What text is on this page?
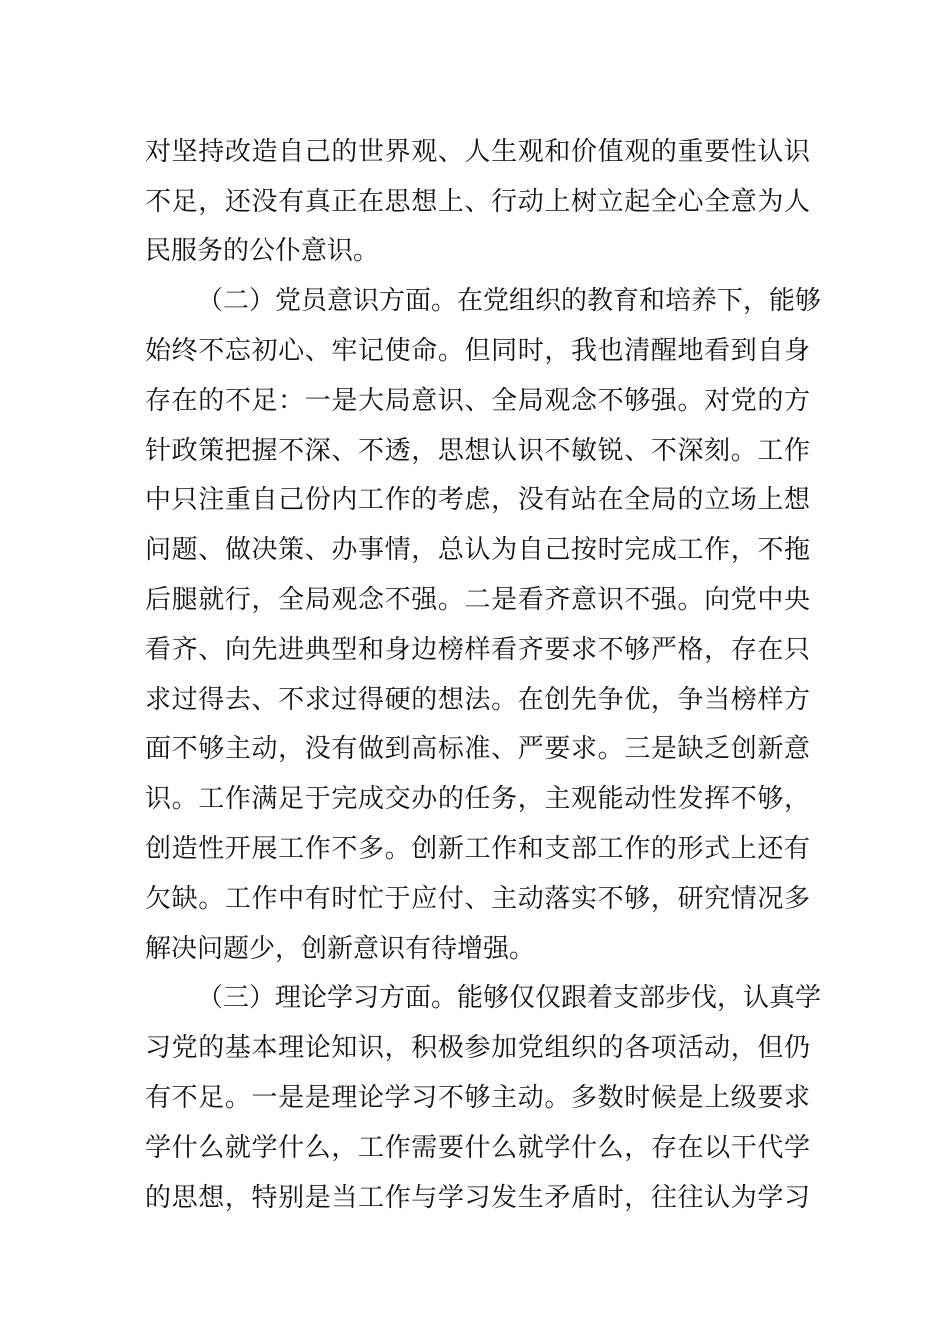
对坚持改造自己的世界观、人生观和价值观的重要性认识
不足，还没有真正在思想上、行动上树立起全心全意为人
民服务的公仆意识。
（二）党员意识方面。在党组织的教育和培养下，能够
始终不忘初心、牢记使命。但同时，我也清醒地看到自身
存在的不足：一是大局意识、全局观念不够强。对党的方
针政策把握不深、不透，思想认识不敏锐、不深刻。工作
中只注重自己份内工作的考虑，没有站在全局的立场上想
问题、做决策、办事情，总认为自己按时完成工作，不拖
后腿就行，全局观念不强。二是看齐意识不强。向党中央
看齐、向先进典型和身边榜样看齐要求不够严格，存在只
求过得去、不求过得硬的想法。在创先争优，争当榜样方
面不够主动，没有做到高标准、严要求。三是缺乏创新意
识。工作满足于完成交办的任务，主观能动性发挥不够，
创造性开展工作不多。创新工作和支部工作的形式上还有
欠缺。工作中有时忙于应付、主动落实不够，研究情况多
解决问题少，创新意识有待增强。
（三）理论学习方面。能够仅仅跟着支部步伐，认真学
习党的基本理论知识，积极参加党组织的各项活动，但仍
有不足。一是是理论学习不够主动。多数时候是上级要求
学什么就学什么，工作需要什么就学什么，存在以干代学
的思想，特别是当工作与学习发生矛盾时，往往认为学习
